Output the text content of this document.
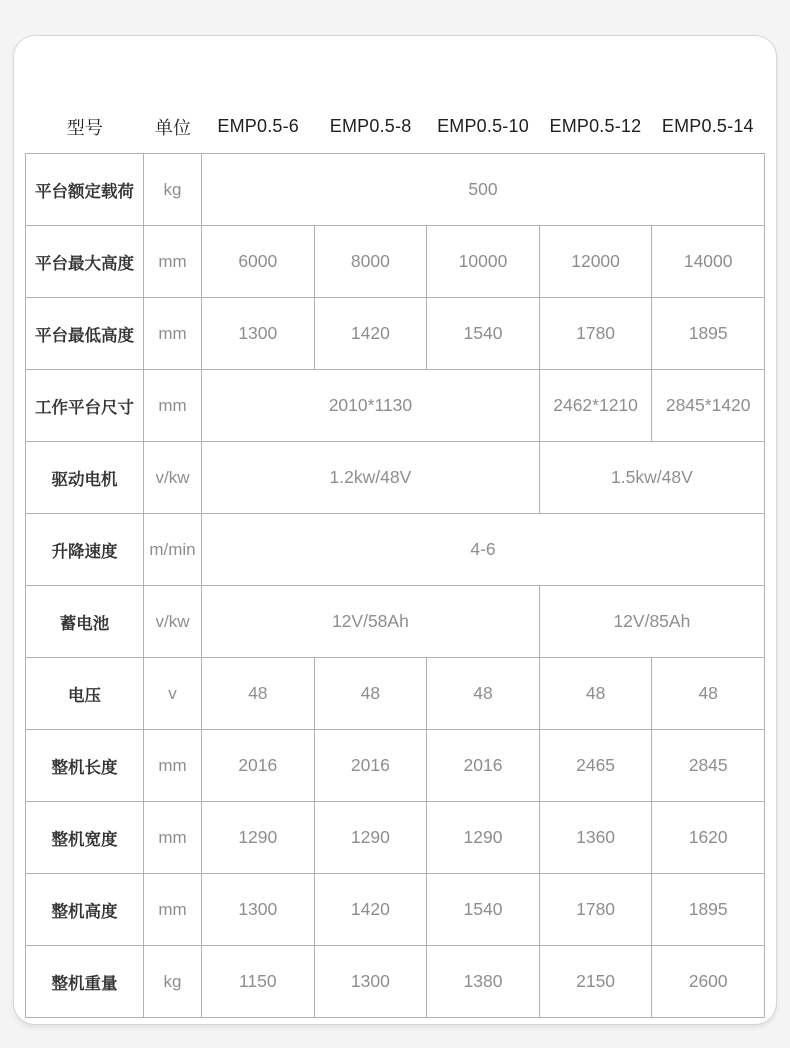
型号	单位	EMP0.5-6	EMP0.5-8	EMP0.5-10	EMP0.5-12	EMP0.5-14
平台额定载荷	kg	500				
平台最大高度	mm	6000	8000	10000	12000	14000
平台最低高度	mm	1300	1420	1540	1780	1895
工作平台尺寸	mm	2010*1130			2462*1210	2845*1420
驱动电机	v/kw	1.2kw/48V			1.5kw/48V	
升降速度	m/min	4-6				
蓄电池	v/kw	12V/58Ah			12V/85Ah	
电压	v	48	48	48	48	48
整机长度	mm	2016	2016	2016	2465	2845
整机宽度	mm	1290	1290	1290	1360	1620
整机高度	mm	1300	1420	1540	1780	1895
整机重量	kg	1150	1300	1380	2150	2600
